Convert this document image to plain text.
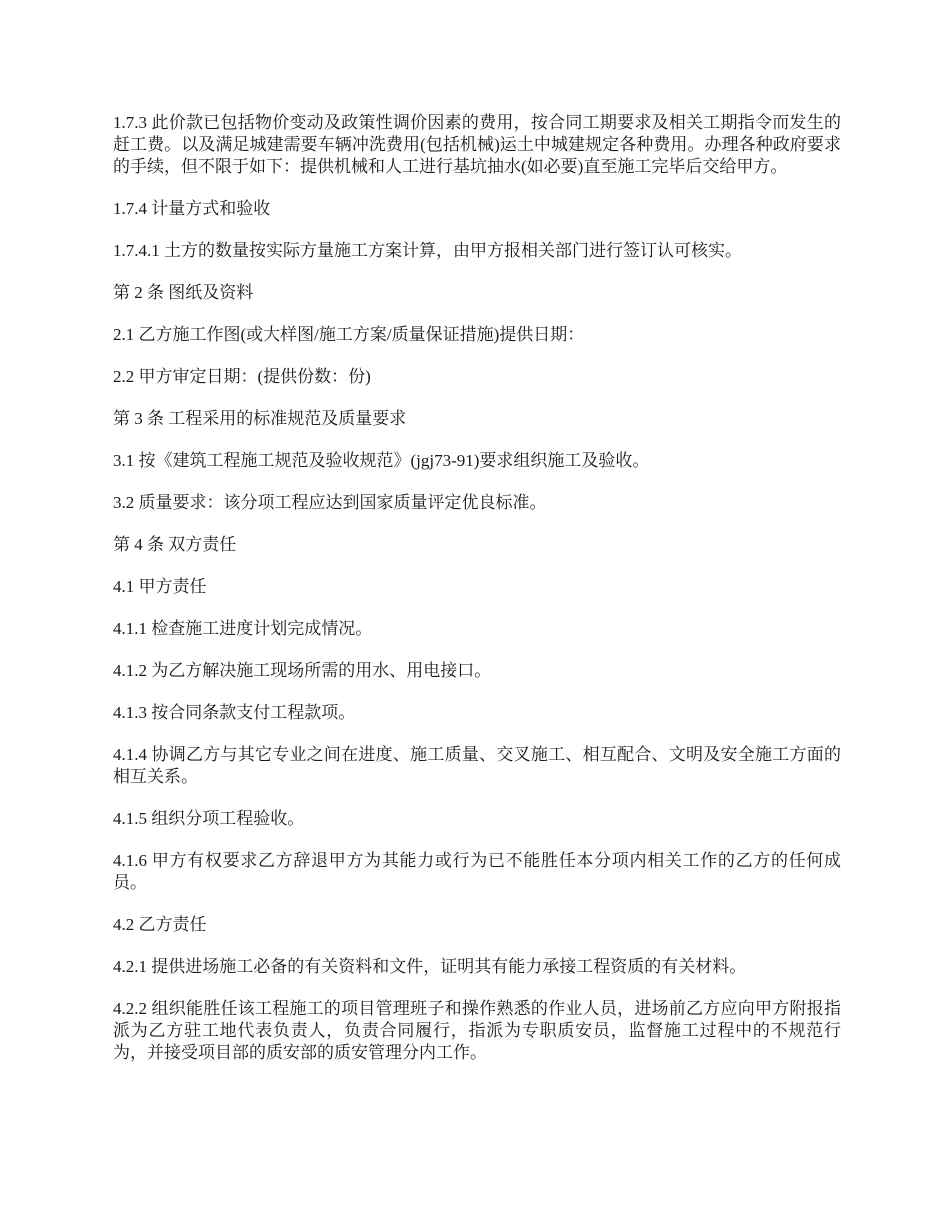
1.7.3 此价款已包括物价变动及政策性调价因素的费用，按合同工期要求及相关工期指令而发生的赶工费。以及满足城建需要车辆冲洗费用(包括机械)运土中城建规定各种费用。办理各种政府要求的手续，但不限于如下：提供机械和人工进行基坑抽水(如必要)直至施工完毕后交给甲方。

1.7.4 计量方式和验收

1.7.4.1 土方的数量按实际方量施工方案计算，由甲方报相关部门进行签订认可核实。

第 2 条 图纸及资料

2.1 乙方施工作图(或大样图/施工方案/质量保证措施)提供日期：

2.2 甲方审定日期：(提供份数：份)

第 3 条 工程采用的标准规范及质量要求

3.1 按《建筑工程施工规范及验收规范》(jgj73-91)要求组织施工及验收。

3.2 质量要求：该分项工程应达到国家质量评定优良标准。

第 4 条 双方责任

4.1 甲方责任

4.1.1 检查施工进度计划完成情况。

4.1.2 为乙方解决施工现场所需的用水、用电接口。

4.1.3 按合同条款支付工程款项。

4.1.4 协调乙方与其它专业之间在进度、施工质量、交叉施工、相互配合、文明及安全施工方面的相互关系。

4.1.5 组织分项工程验收。

4.1.6 甲方有权要求乙方辞退甲方为其能力或行为已不能胜任本分项内相关工作的乙方的任何成员。

4.2 乙方责任

4.2.1 提供进场施工必备的有关资料和文件，证明其有能力承接工程资质的有关材料。

4.2.2 组织能胜任该工程施工的项目管理班子和操作熟悉的作业人员，进场前乙方应向甲方附报指派为乙方驻工地代表负责人，负责合同履行，指派为专职质安员，监督施工过程中的不规范行为，并接受项目部的质安部的质安管理分内工作。
